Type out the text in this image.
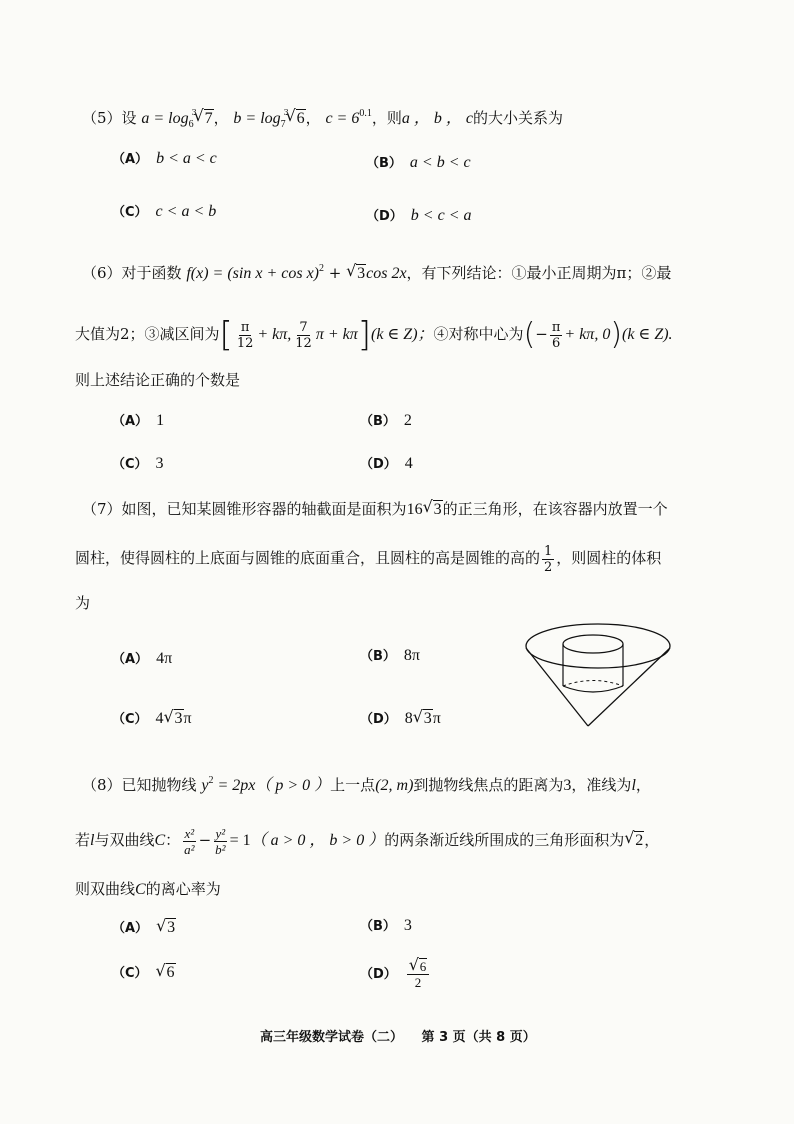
（5）设 $a = \log_6$
√ 3 7， $b = \log_7$
√ 3 6， $c = 6^{0.1}$，则a ， b ， c的大小关系为
（A） b < a < c	（B） a < b < c
（C） c < a < b	（D） b < c < a
（6）对于函数 f(x) = (sin x + cos x)$^2$ + √ 3cos 2x，有下列结论：①最小正周期为π；②最
大值为2；③减区间为[ $\frac{\pi}{12} + k\pi$, $\frac{7}{12}$ π + kπ](k ∈ Z)；④对称中心为(− $\frac{\pi}{6} + k\pi$, 0)(k ∈ Z).
则上述结论正确的个数是
（A） 1	（B） 2
（C） 3	（D） 4
（7）如图，已知某圆锥形容器的轴截面是面积为16 √ 3的正三角形，在该容器内放置一个
圆柱，使得圆柱的上底面与圆锥的底面重合，且圆柱的高是圆锥的高的 $\frac{1}{2}$ ，则圆柱的体积
为
（A） 4π	（B） 8π
（C） 4 √ 3π	（D） 8 √ 3π
（8）已知抛物线 $y^2 = 2px$（ p > 0 ）上一点(2, m)到抛物线焦点的距离为3，准线为l，
若l与双曲线C： $\frac{\text{x²}}{\text{a²}} - \frac{\text{y²}}{\text{b²}} = 1$（ a > 0 ， b > 0 ）的两条渐近线所围成的三角形面积为 √ 2，
则双曲线C的离心率为
（A） √ 3	（B） 3
（C） √ 6	（D） √ $\frac{6}{2}$
高三年级数学试卷（二） 第 3 页（共 8 页）
